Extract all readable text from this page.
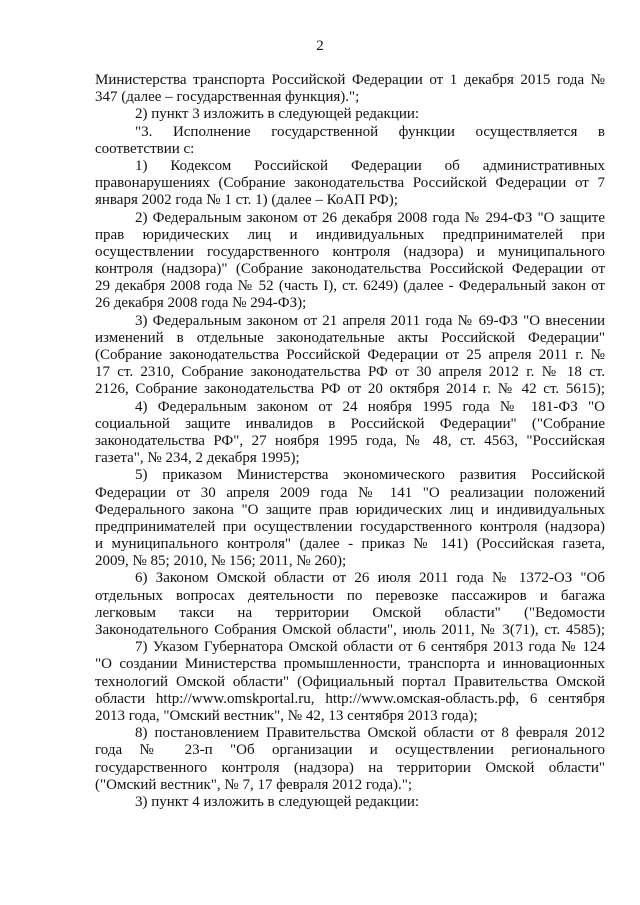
2
Министерства транспорта Российской Федерации от 1 декабря 2015 года №
347 (далее – государственная функция).";
2) пункт 3 изложить в следующей редакции:
"3. Исполнение государственной функции осуществляется в
соответствии с:
1) Кодексом Российской Федерации об административных
правонарушениях (Собрание законодательства Российской Федерации от 7
января 2002 года № 1 ст. 1) (далее – КоАП РФ);
2) Федеральным законом от 26 декабря 2008 года № 294-ФЗ "О защите
прав юридических лиц и индивидуальных предпринимателей при
осуществлении государственного контроля (надзора) и муниципального
контроля (надзора)" (Собрание законодательства Российской Федерации от
29 декабря 2008 года № 52 (часть I), ст. 6249) (далее - Федеральный закон от
26 декабря 2008 года № 294-ФЗ);
3) Федеральным законом от 21 апреля 2011 года № 69-ФЗ "О внесении
изменений в отдельные законодательные акты Российской Федерации"
(Собрание законодательства Российской Федерации от 25 апреля 2011 г. №
17 ст. 2310, Собрание законодательства РФ от 30 апреля 2012 г. № 18 ст.
2126, Собрание законодательства РФ от 20 октября 2014 г. № 42 ст. 5615);
4) Федеральным законом от 24 ноября 1995 года № 181-ФЗ "О
социальной защите инвалидов в Российской Федерации" ("Собрание
законодательства РФ", 27 ноября 1995 года, № 48, ст. 4563, "Российская
газета", № 234, 2 декабря 1995);
5) приказом Министерства экономического развития Российской
Федерации от 30 апреля 2009 года № 141 "О реализации положений
Федерального закона "О защите прав юридических лиц и индивидуальных
предпринимателей при осуществлении государственного контроля (надзора)
и муниципального контроля" (далее - приказ № 141) (Российская газета,
2009, № 85; 2010, № 156; 2011, № 260);
6) Законом Омской области от 26 июля 2011 года № 1372-ОЗ "Об
отдельных вопросах деятельности по перевозке пассажиров и багажа
легковым такси на территории Омской области" ("Ведомости
Законодательного Собрания Омской области", июль 2011, № 3(71), ст. 4585);
7) Указом Губернатора Омской области от 6 сентября 2013 года № 124
"О создании Министерства промышленности, транспорта и инновационных
технологий Омской области" (Официальный портал Правительства Омской
области http://www.omskportal.ru, http://www.омская-область.рф, 6 сентября
2013 года, "Омский вестник", № 42, 13 сентября 2013 года);
8) постановлением Правительства Омской области от 8 февраля 2012
года № 23-п "Об организации и осуществлении регионального
государственного контроля (надзора) на территории Омской области"
("Омский вестник", № 7, 17 февраля 2012 года).";
3) пункт 4 изложить в следующей редакции:
